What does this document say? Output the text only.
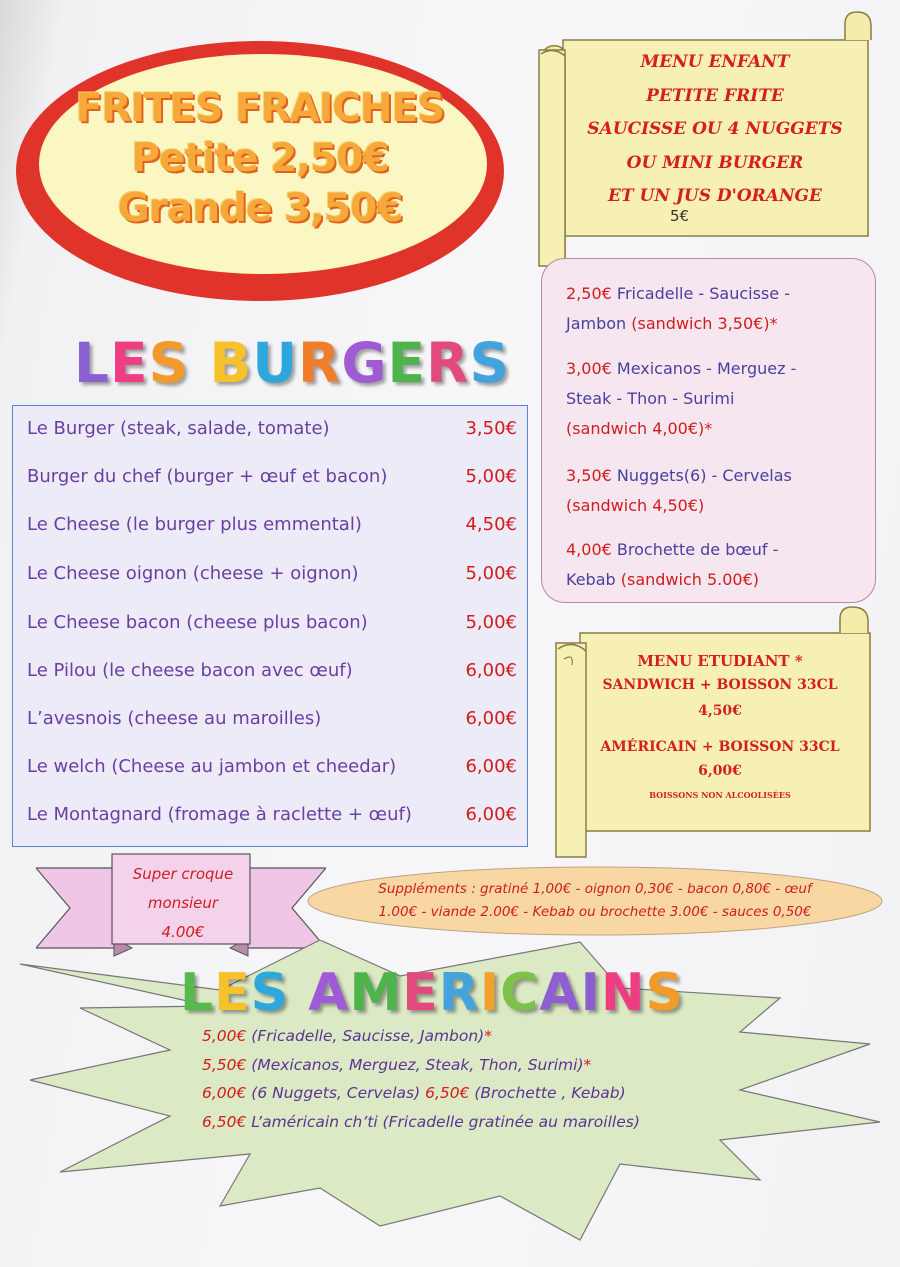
FRITES FRAICHES
Petite 2,50€
Grande 3,50€
MENU ENFANT
PETITE FRITE
SAUCISSE OU 4 NUGGETS
OU MINI BURGER
ET UN JUS D'ORANGE
5€
LES BURGERS
Le Burger (steak, salade, tomate)	3,50€
Burger du chef (burger + œuf et bacon)	5,00€
Le Cheese (le burger plus emmental)	4,50€
Le Cheese oignon (cheese + oignon)	5,00€
Le Cheese bacon (cheese plus bacon)	5,00€
Le Pilou (le cheese bacon avec œuf)	6,00€
L’avesnois (cheese au maroilles)	6,00€
Le welch (Cheese au jambon et cheedar)	6,00€
Le Montagnard (fromage à raclette + œuf)	6,00€
2,50€ Fricadelle - Saucisse -
Jambon (sandwich 3,50€)*
3,00€ Mexicanos - Merguez -
Steak - Thon - Surimi
(sandwich 4,00€)*
3,50€ Nuggets(6) - Cervelas
(sandwich 4,50€)
4,00€ Brochette de bœuf -
Kebab (sandwich 5.00€)
MENU ETUDIANT *
SANDWICH + BOISSON 33CL
4,50€
AMÉRICAIN + BOISSON 33CL
6,00€
BOISSONS NON ALCOOLISÉES
Super croque
monsieur
4.00€
Suppléments : gratiné 1,00€ - oignon 0,30€ - bacon 0,80€ - œuf
1.00€ - viande 2.00€ - Kebab ou brochette 3.00€ - sauces 0,50€
LES AMERICAINS
5,00€ (Fricadelle, Saucisse, Jambon)*
5,50€ (Mexicanos, Merguez, Steak, Thon, Surimi)*
6,00€ (6 Nuggets, Cervelas) 6,50€ (Brochette , Kebab)
6,50€ L’américain ch’ti (Fricadelle gratinée au maroilles)
